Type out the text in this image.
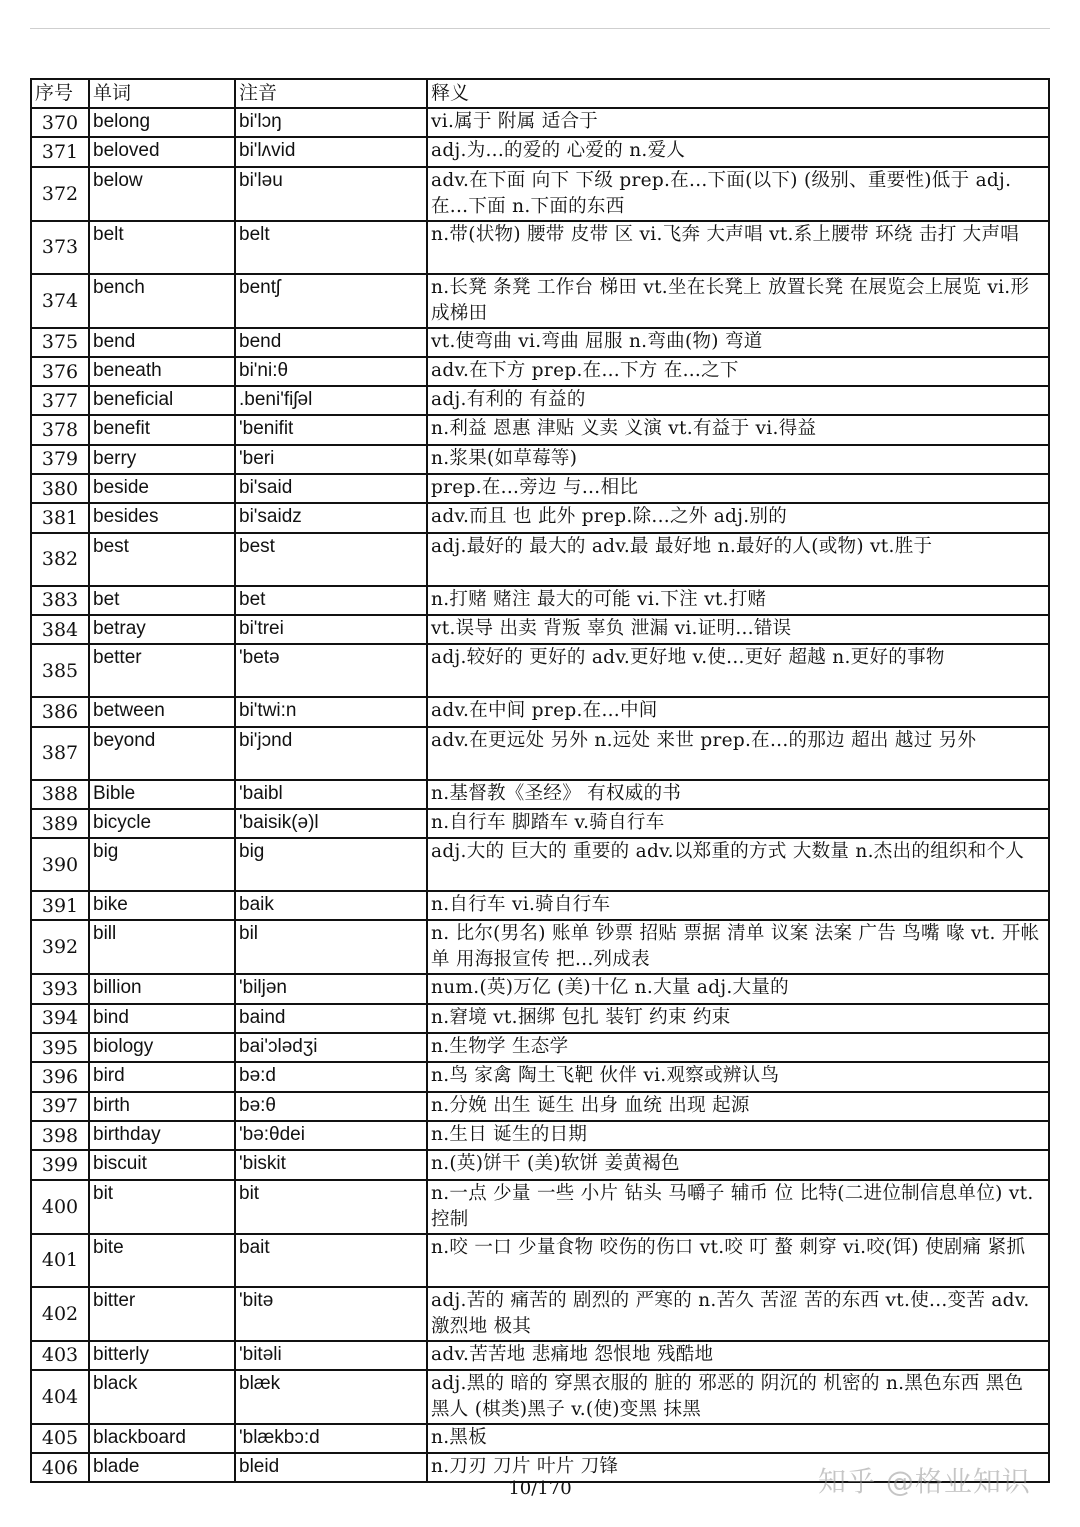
序号	单词	注音	释义
370	belong	bi'lɔŋ	vi.属于 附属 适合于
371	beloved	bi'lʌvid	adj.为...的爱的 心爱的 n.爱人
372	below	bi'ləu	adv.在下面 向下 下级 prep.在...下面(以下) (级别、重要性)低于 adj.在...下面 n.下面的东西
373	belt	belt	n.带(状物) 腰带 皮带 区 vi.飞奔 大声唱 vt.系上腰带 环绕 击打 大声唱
374	bench	bentʃ	n.长凳 条凳 工作台 梯田 vt.坐在长凳上 放置长凳 在展览会上展览 vi.形成梯田
375	bend	bend	vt.使弯曲 vi.弯曲 屈服 n.弯曲(物) 弯道
376	beneath	bi'ni:θ	adv.在下方 prep.在...下方 在...之下
377	beneficial	.beni'fiʃəl	adj.有利的 有益的
378	benefit	'benifit	n.利益 恩惠 津贴 义卖 义演 vt.有益于 vi.得益
379	berry	'beri	n.浆果(如草莓等)
380	beside	bi'said	prep.在...旁边 与…相比
381	besides	bi'saidz	adv.而且 也 此外 prep.除...之外 adj.别的
382	best	best	adj.最好的 最大的 adv.最 最好地 n.最好的人(或物) vt.胜于
383	bet	bet	n.打赌 赌注 最大的可能 vi.下注 vt.打赌
384	betray	bi'trei	vt.误导 出卖 背叛 辜负 泄漏 vi.证明...错误
385	better	'betə	adj.较好的 更好的 adv.更好地 v.使...更好 超越 n.更好的事物
386	between	bi'twi:n	adv.在中间 prep.在...中间
387	beyond	bi'jɔnd	adv.在更远处 另外 n.远处 来世 prep.在...的那边 超出 越过 另外
388	Bible	'baibl	n.基督教《圣经》 有权威的书
389	bicycle	'baisik(ə)l	n.自行车 脚踏车 v.骑自行车
390	big	big	adj.大的 巨大的 重要的 adv.以郑重的方式 大数量 n.杰出的组织和个人
391	bike	baik	n.自行车 vi.骑自行车
392	bill	bil	n. 比尔(男名) 账单 钞票 招贴 票据 清单 议案 法案 广告 鸟嘴 喙 vt. 开帐单 用海报宣传 把...列成表
393	billion	'biljən	num.(英)万亿 (美)十亿 n.大量 adj.大量的
394	bind	baind	n.窘境 vt.捆绑 包扎 装钉 约束 约束
395	biology	bai'ɔlədʒi	n.生物学 生态学
396	bird	bə:d	n.鸟 家禽 陶土飞靶 伙伴 vi.观察或辨认鸟
397	birth	bə:θ	n.分娩 出生 诞生 出身 血统 出现 起源
398	birthday	'bə:θdei	n.生日 诞生的日期
399	biscuit	'biskit	n.(英)饼干 (美)软饼 姜黄褐色
400	bit	bit	n.一点 少量 一些 小片 钻头 马嚼子 辅币 位 比特(二进位制信息单位) vt.控制
401	bite	bait	n.咬 一口 少量食物 咬伤的伤口 vt.咬 叮 螯 刺穿 vi.咬(饵) 使剧痛 紧抓
402	bitter	'bitə	adj.苦的 痛苦的 剧烈的 严寒的 n.苦久 苦涩 苦的东西 vt.使...变苦 adv.激烈地 极其
403	bitterly	'bitəli	adv.苦苦地 悲痛地 怨恨地 残酷地
404	black	blæk	adj.黑的 暗的 穿黑衣服的 脏的 邪恶的 阴沉的 机密的 n.黑色东西 黑色 黑人 (棋类)黑子 v.(使)变黑 抹黑
405	blackboard	'blækbɔ:d	n.黑板
406	blade	bleid	n.刀刃 刀片 叶片 刀锋
10/170	知乎 @格业知识
